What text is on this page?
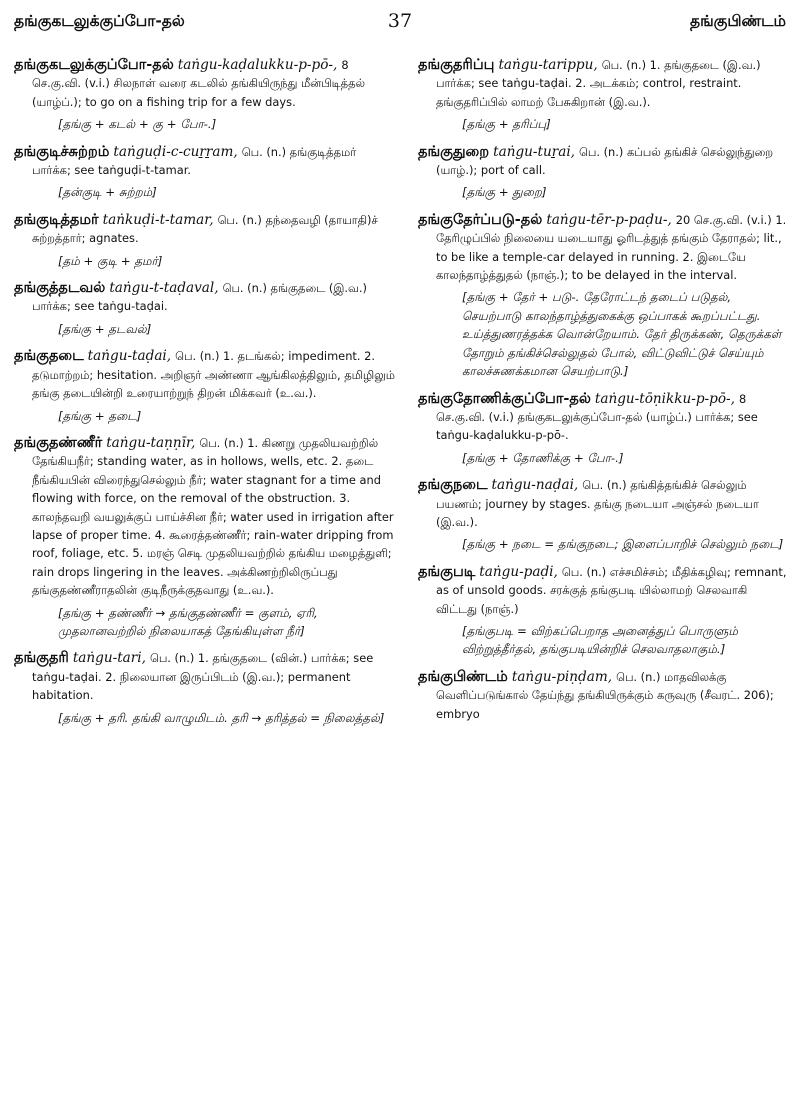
தங்குகடலுக்குப்போ-தல்	37	தங்குபிண்டம்
தங்குகடலுக்குப்போ-தல் taṅgu-kaḍalukku-p-pō-, 8 செ.கு.வி. (v.i.) சிலநாள் வரை கடலில் தங்கியிருந்து மீன்பிடித்தல் (யாழ்ப்.); to go on a fishing trip for a few days.
[தங்கு + கடல் + கு + போ-.]
தங்குடிச்சுற்றம் taṅguḍi-c-cuṟṟam, பெ. (n.) தங்குடித்தமர் பார்க்க; see taṅguḍi-t-tamar.
[தன்குடி + சுற்றம்]
தங்குடித்தமர் taṅkuḍi-t-tamar, பெ. (n.) தந்தைவழி (தாயாதி)ச் சுற்றத்தார்; agnates.
[தம் + குடி + தமர்]
தங்குத்தடவல் taṅgu-t-taḍaval, பெ. (n.) தங்குதடை (இ.வ.) பார்க்க; see taṅgu-taḍai.
[தங்கு + தடவல்]
தங்குதடை taṅgu-taḍai, பெ. (n.) 1. தடங்கல்; impediment. 2. தடுமாற்றம்; hesitation. அறிஞர் அண்ணா ஆங்கிலத்திலும், தமிழிலும் தங்கு தடையின்றி உரையாற்றுந் திறன் மிக்கவர் (உ.வ.).
[தங்கு + தடை]
தங்குதண்ணீர் taṅgu-taṇṇīr, பெ. (n.) 1. கிணறு முதலியவற்றில் தேங்கியநீர்; standing water, as in hollows, wells, etc. 2. தடை நீங்கியபின் விரைந்துசெல்லும் நீர்; water stagnant for a time and flowing with force, on the removal of the obstruction. 3. காலந்தவறி வயலுக்குப் பாய்ச்சின நீர்; water used in irrigation after lapse of proper time. 4. கூரைத்தண்ணீர்; rain-water dripping from roof, foliage, etc. 5. மரஞ் செடி முதலியவற்றில் தங்கிய மழைத்துளி; rain drops lingering in the leaves. அக்கிணற்றிலிருப்பது தங்குதண்ணீராதலின் குடிநீருக்குதவாது (உ.வ.).
[தங்கு + தண்ணீர் → தங்குதண்ணீர் = குளம், ஏரி, முதலானவற்றில் நிலையாகத் தேங்கியுள்ள நீர்]
தங்குதரி taṅgu-tari, பெ. (n.) 1. தங்குதடை (வின்.) பார்க்க; see taṅgu-taḍai. 2. நிலையான இருப்பிடம் (இ.வ.); permanent habitation.
[தங்கு + தரி. தங்கி வாழுமிடம். தரி → தரித்தல் = நிலைத்தல்]
தங்குதரிப்பு taṅgu-tarippu, பெ. (n.) 1. தங்குதடை (இ.வ.) பார்க்க; see taṅgu-taḍai. 2. அடக்கம்; control, restraint. தங்குதரிப்பில் லாமற் பேசுகிறான் (இ.வ.).
[தங்கு + தரிப்பு]
தங்குதுறை taṅgu-tuṟai, பெ. (n.) கப்பல் தங்கிச் செல்லுந்துறை (யாழ்.); port of call.
[தங்கு + துறை]
தங்குதேர்ப்படு-தல் taṅgu-tēr-p-paḍu-, 20 செ.கு.வி. (v.i.) 1. தேரிழுப்பில் நிலையை யடையாது ஓரிடத்துத் தங்கும் தேராதல்; lit., to be like a temple-car delayed in running. 2. இடையே காலந்தாழ்த்துதல் (நாஞ்.); to be delayed in the interval.
[தங்கு + தேர் + படு-. தேரோட்டந் தடைப் படுதல், செயற்பாடு காலந்தாழ்த்துகைக்கு ஒப்பாகக் கூறப்பட்டது. உய்த்துணரத்தக்க வொன்றேயாம். தேர் திருக்கண், தெருக்கள் தோறும் தங்கிச்செல்லுதல் போல், விட்டுவிட்டுச் செய்யும் காலச்சுணக்கமான செயற்பாடு.]
தங்குதோணிக்குப்போ-தல் taṅgu-tōṇikku-p-pō-, 8 செ.கு.வி. (v.i.) தங்குகடலுக்குப்போ-தல் (யாழ்ப்.) பார்க்க; see taṅgu-kaḍalukku-p-pō-.
[தங்கு + தோணிக்கு + போ-.]
தங்குநடை taṅgu-naḍai, பெ. (n.) தங்கித்தங்கிச் செல்லும் பயணம்; journey by stages. தங்கு நடையா அஞ்சல் நடையா (இ.வ.).
[தங்கு + நடை = தங்குநடை; இளைப்பாறிச் செல்லும் நடை]
தங்குபடி taṅgu-paḍi, பெ. (n.) எச்சமிச்சம்; மீதிக்கழிவு; remnant, as of unsold goods. சரக்குத் தங்குபடி யில்லாமற் செலவாகி விட்டது (நாஞ்.)
[தங்குபடி = விற்கப்பெறாத அனைத்துப் பொருளும் விற்றுத்தீர்தல், தங்குபடியின்றிச் செலவாதலாகும்.]
தங்குபிண்டம் taṅgu-piṇḍam, பெ. (n.) மாதவிலக்கு வெளிப்படுங்கால் தேய்ந்து தங்கியிருக்கும் கருவுரு (சீவரட். 206); embryo
